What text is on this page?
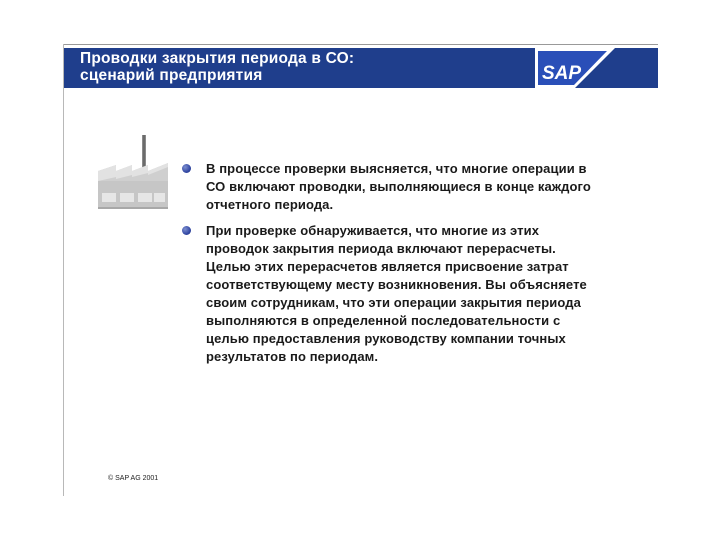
Проводки закрытия периода в СО:
сценарий предприятия	SAP
В процессе проверки выясняется, что многие операции в
СО включают проводки, выполняющиеся в конце каждого
отчетного периода.
При проверке обнаруживается, что многие из этих
проводок закрытия периода включают перерасчеты.
Целью этих перерасчетов является присвоение затрат
соответствующему месту возникновения. Вы объясняете
своим сотрудникам, что эти операции закрытия периода
выполняются в определенной последовательности с
целью предоставления руководству компании точных
результатов по периодам.
© SAP AG 2001
